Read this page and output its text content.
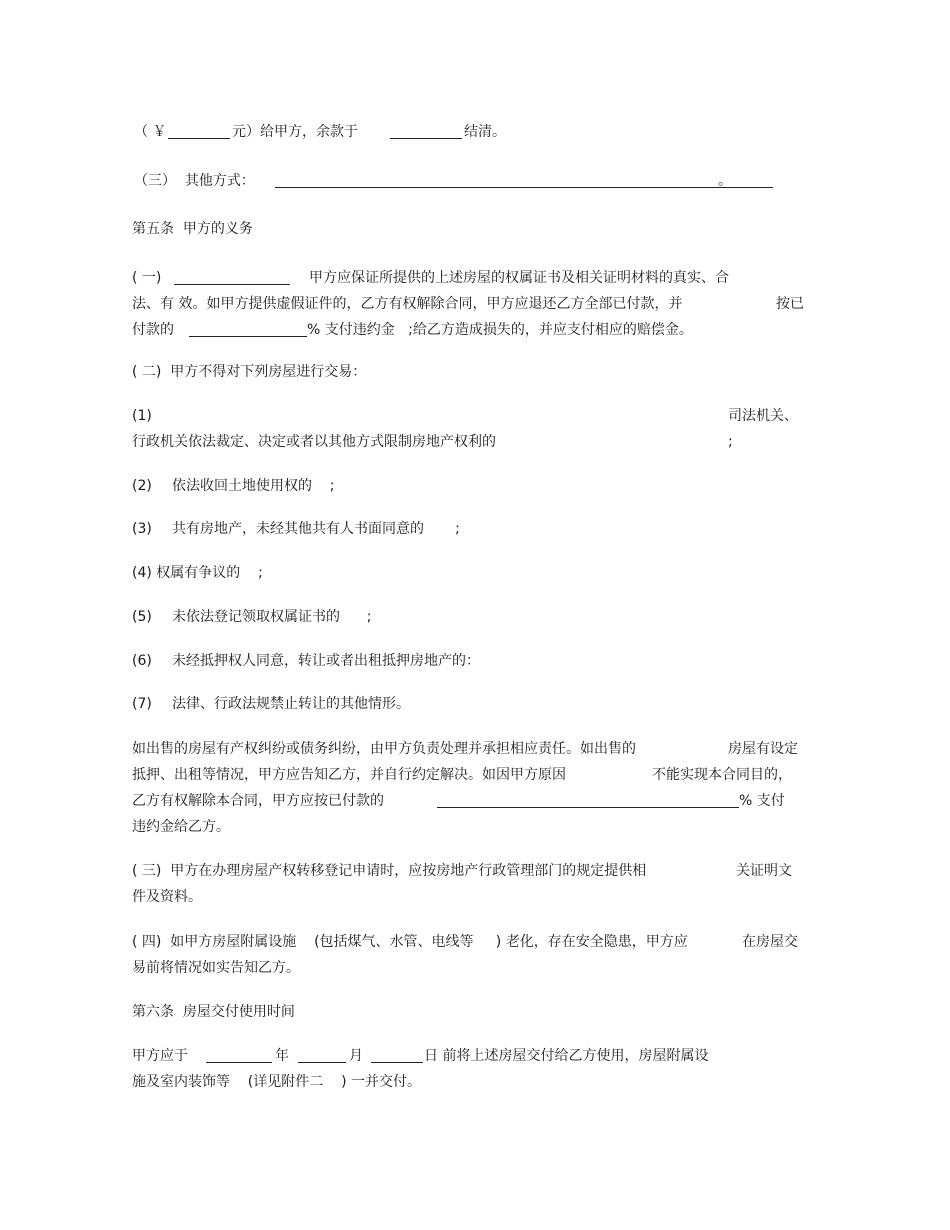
（ ￥	元）给甲方，余款于	结清。
（三）  其他方式：	。
第五条  甲方的义务
( 一)	甲方应保证所提供的上述房屋的权属证书及相关证明材料的真实、合
法、有 效。如甲方提供虚假证件的，乙方有权解除合同，甲方应退还乙方全部已付款，并	按已
付款的	% 支付违约金   ;给乙方造成损失的，并应支付相应的赔偿金。
( 二)  甲方不得对下列房屋进行交易：
(1)	司法机关、
行政机关依法裁定、决定或者以其他方式限制房地产权利的	;
(2) 依法收回土地使用权的    ;
(3) 共有房地产，未经其他共有人书面同意的       ;
(4) 权属有争议的    ;
(5) 未依法登记领取权属证书的      ;
(6) 未经抵押权人同意，转让或者出租抵押房地产的：
(7) 法律、行政法规禁止转让的其他情形。
如出售的房屋有产权纠纷或债务纠纷，由甲方负责处理并承担相应责任。如出售的	房屋有设定
抵押、出租等情况，甲方应告知乙方，并自行约定解决。如因甲方原因	不能实现本合同目的，
乙方有权解除本合同，甲方应按已付款的	% 支付
违约金给乙方。
( 三)  甲方在办理房屋产权转移登记申请时，应按房地产行政管理部门的规定提供相	关证明文
件及资料。
( 四)  如甲方房屋附属设施    (包括煤气、水管、电线等     ) 老化，存在安全隐患，甲方应	在房屋交
易前将情况如实告知乙方。
第六条  房屋交付使用时间
甲方应于	年	月	日 前将上述房屋交付给乙方使用，房屋附属设
施及室内装饰等    (详见附件二    ) 一并交付。
